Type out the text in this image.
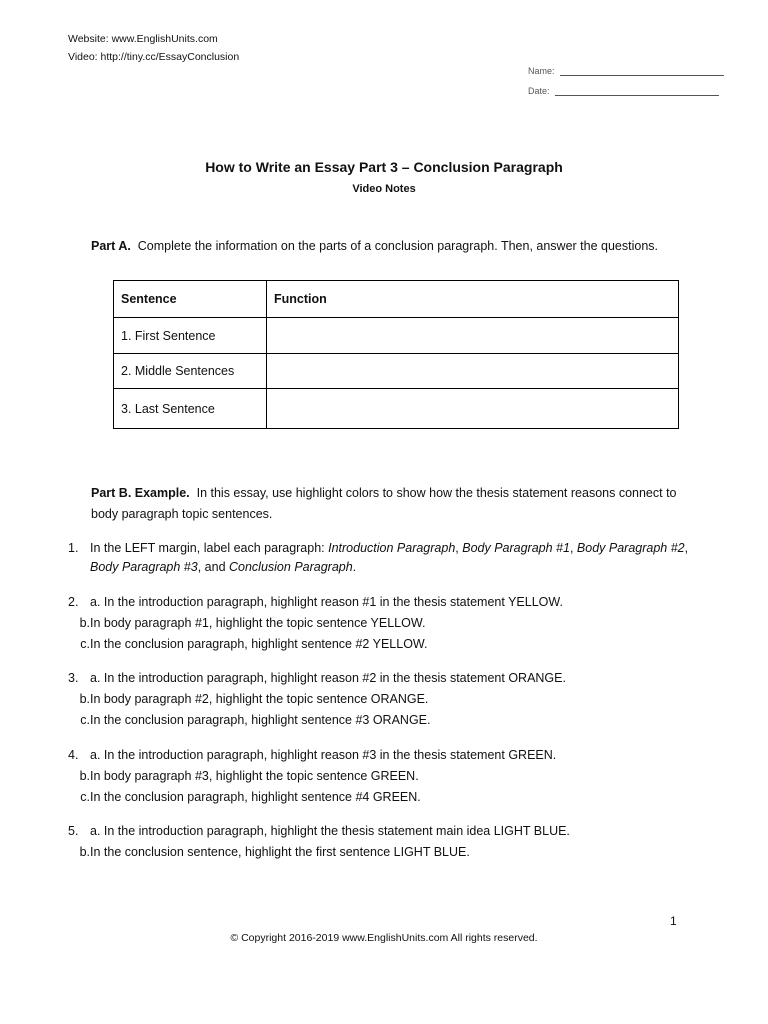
Website: www.EnglishUnits.com
Video: http://tiny.cc/EssayConclusion
Name:
Date:
How to Write an Essay Part 3 – Conclusion Paragraph
Video Notes
Part A. Complete the information on the parts of a conclusion paragraph. Then, answer the questions.
Sentence	Function
1. First Sentence	
2. Middle Sentences	
3. Last Sentence	
Part B. Example. In this essay, use highlight colors to show how the thesis statement reasons connect to body paragraph topic sentences.
1. In the LEFT margin, label each paragraph: Introduction Paragraph, Body Paragraph #1, Body Paragraph #2, Body Paragraph #3, and Conclusion Paragraph.
2. a. In the introduction paragraph, highlight reason #1 in the thesis statement YELLOW.
b. In body paragraph #1, highlight the topic sentence YELLOW.
c. In the conclusion paragraph, highlight sentence #2 YELLOW.
3. a. In the introduction paragraph, highlight reason #2 in the thesis statement ORANGE.
b. In body paragraph #2, highlight the topic sentence ORANGE.
c. In the conclusion paragraph, highlight sentence #3 ORANGE.
4. a. In the introduction paragraph, highlight reason #3 in the thesis statement GREEN.
b. In body paragraph #3, highlight the topic sentence GREEN.
c. In the conclusion paragraph, highlight sentence #4 GREEN.
5. a. In the introduction paragraph, highlight the thesis statement main idea LIGHT BLUE.
b. In the conclusion sentence, highlight the first sentence LIGHT BLUE.
1
© Copyright 2016-2019 www.EnglishUnits.com All rights reserved.
